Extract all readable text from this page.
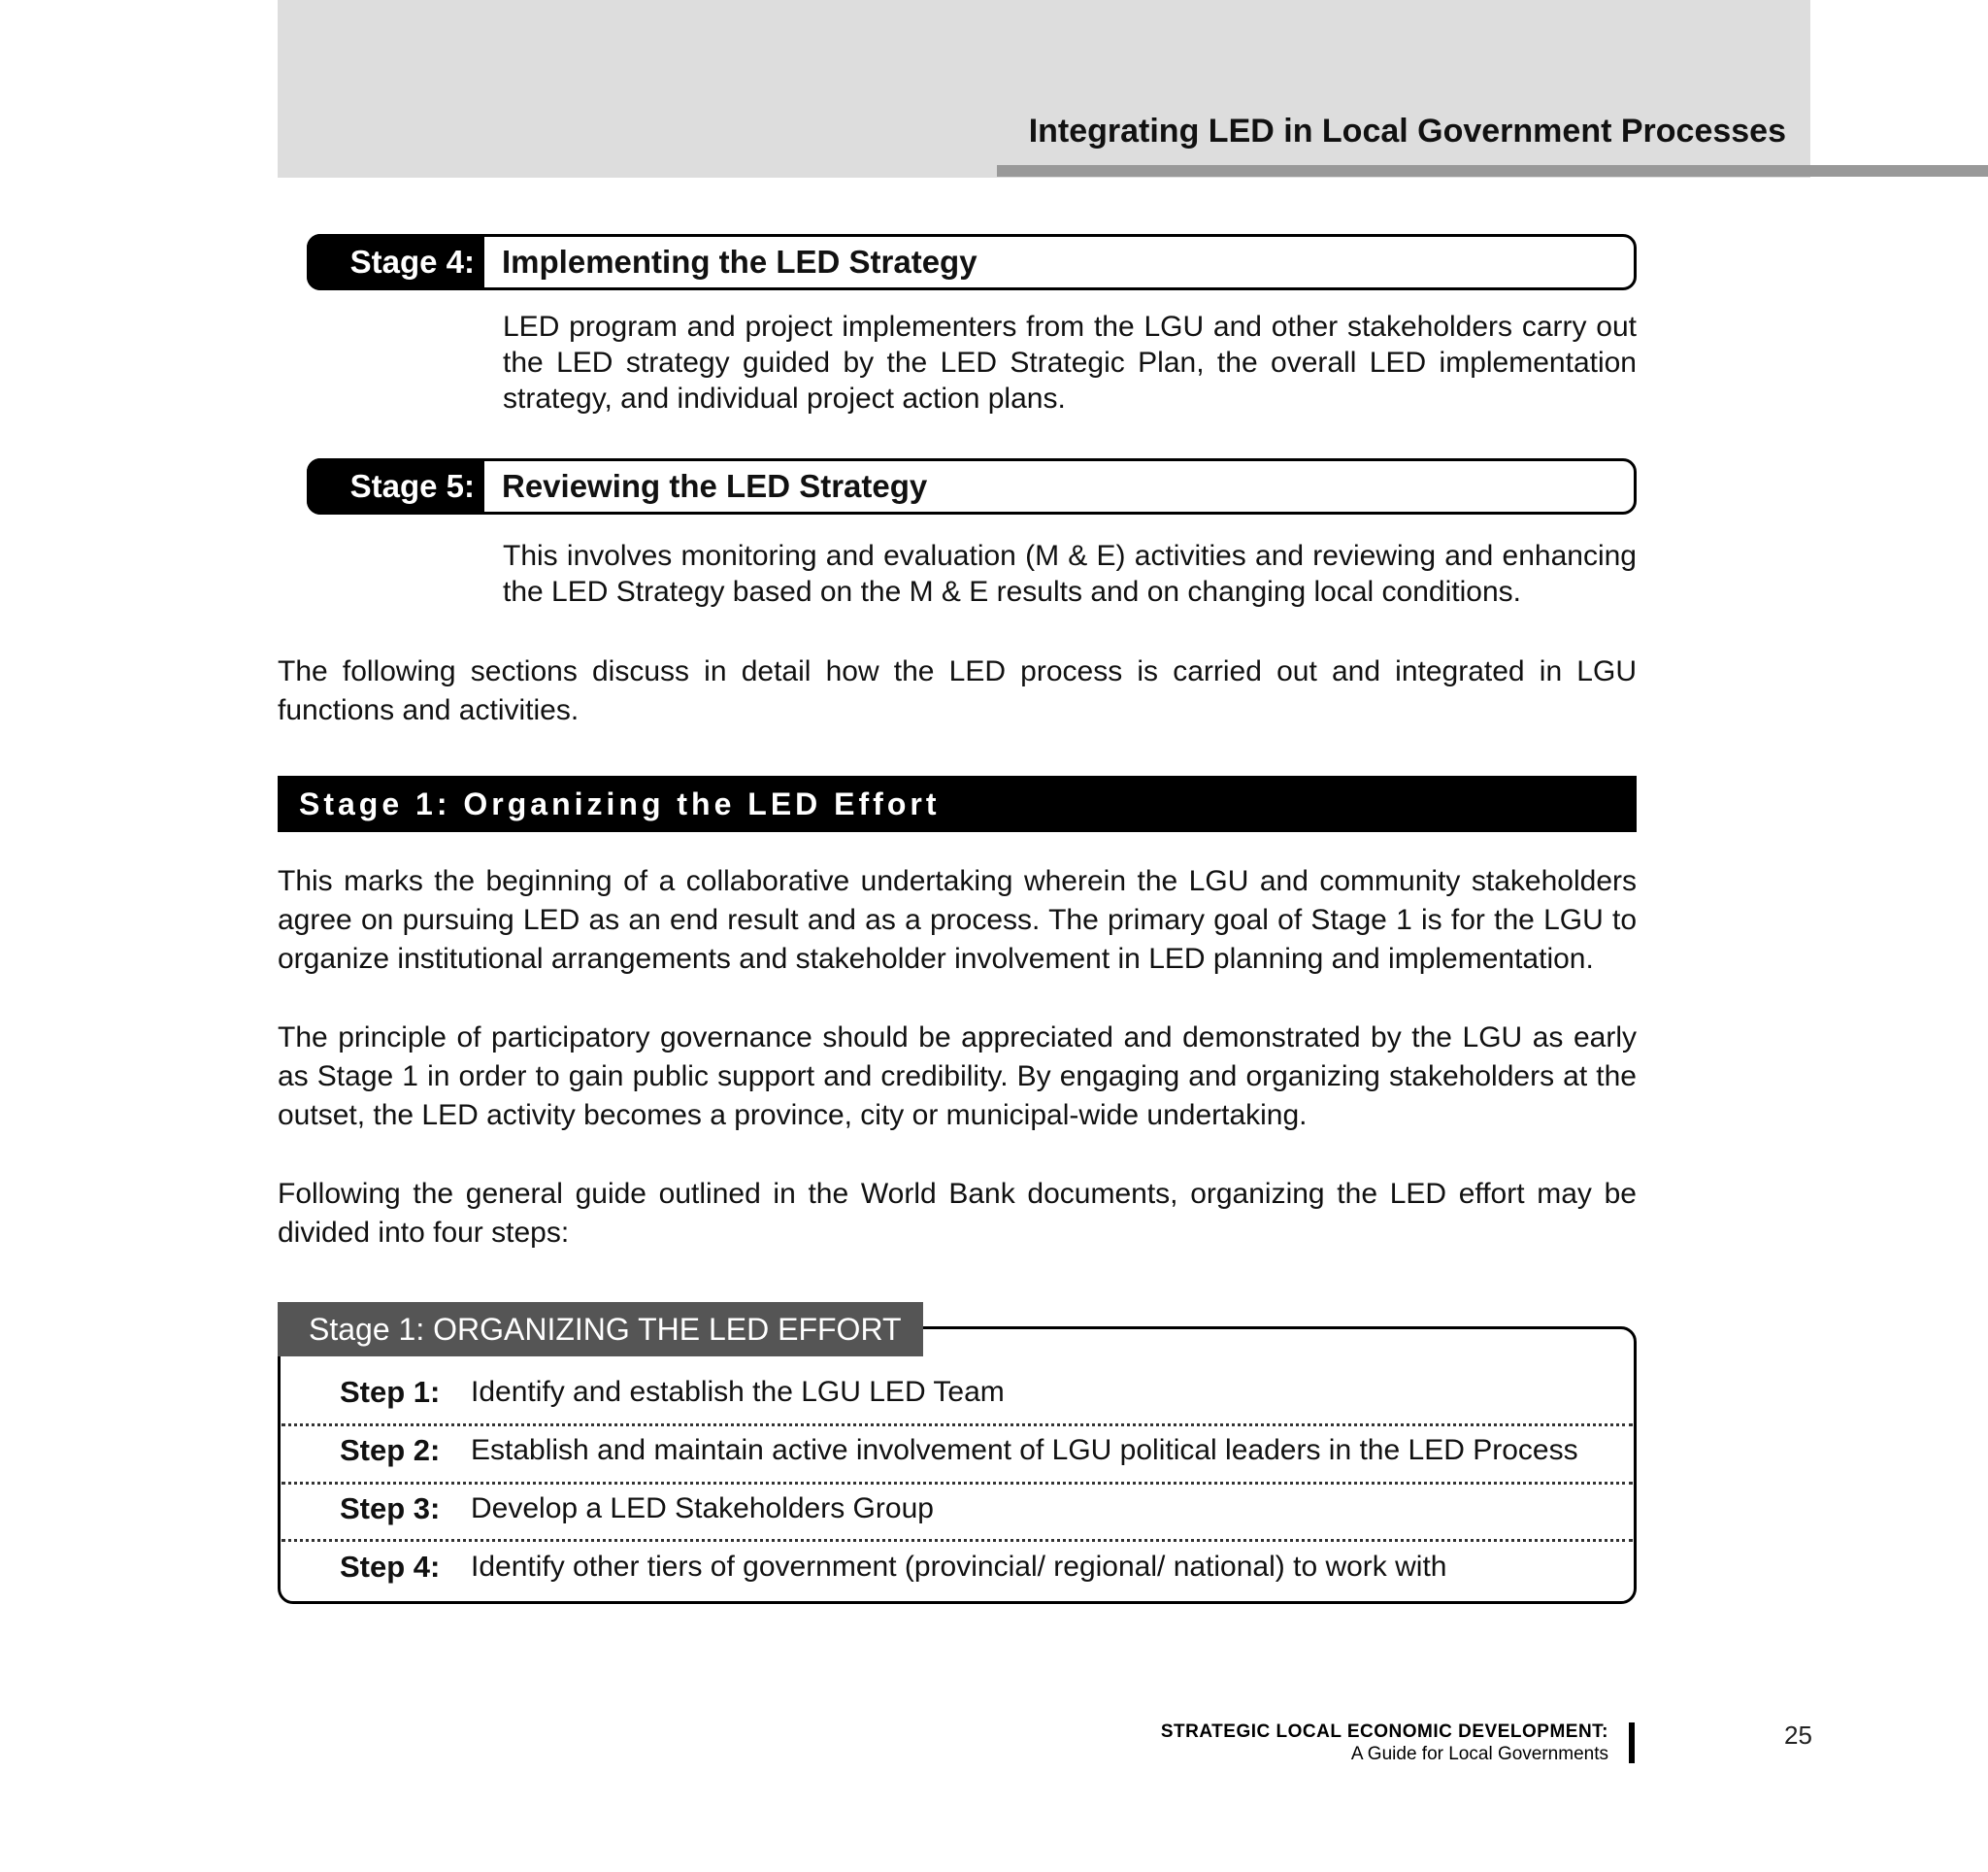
Integrating LED in Local Government Processes
Stage 4: Implementing the LED Strategy
LED program and project implementers from the LGU and other stakeholders carry out the LED strategy guided by the LED Strategic Plan, the overall LED implementation strategy, and individual project action plans.
Stage 5: Reviewing the LED Strategy
This involves monitoring and evaluation (M & E) activities and reviewing and enhancing the LED Strategy based on the M & E results and on changing local conditions.
The following sections discuss in detail how the LED process is carried out and integrated in LGU functions and activities.
Stage 1: Organizing the LED Effort
This marks the beginning of a collaborative undertaking wherein the LGU and community stakeholders agree on pursuing LED as an end result and as a process. The primary goal of Stage 1 is for the LGU to organize institutional arrangements and stakeholder involvement in LED planning and implementation.
The principle of participatory governance should be appreciated and demonstrated by the LGU as early as Stage 1 in order to gain public support and credibility. By engaging and organizing stakeholders at the outset, the LED activity becomes a province, city or municipal-wide undertaking.
Following the general guide outlined in the World Bank documents, organizing the LED effort may be divided into four steps:
Stage 1: ORGANIZING THE LED EFFORT
Step 1: Identify and establish the LGU LED Team
Step 2: Establish and maintain active involvement of LGU political leaders in the LED Process
Step 3: Develop a LED Stakeholders Group
Step 4: Identify other tiers of government (provincial/ regional/ national) to work with
STRATEGIC LOCAL ECONOMIC DEVELOPMENT:
A Guide for Local Governments
25
